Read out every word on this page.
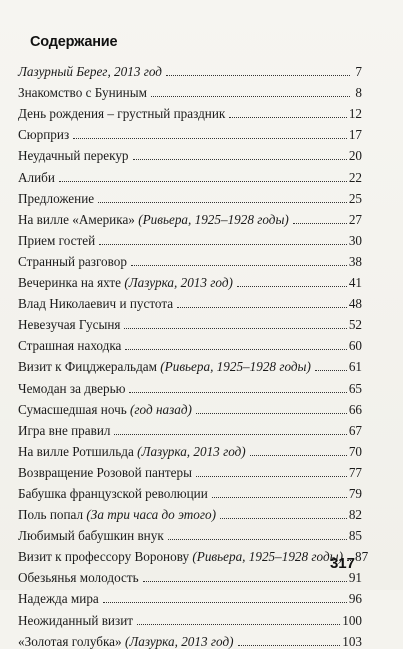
Содержание
Лазурный Берег, 2013 год	7
Знакомство с Буниным	8
День рождения – грустный праздник	12
Сюрприз	17
Неудачный перекур	20
Алиби	22
Предложение	25
На вилле «Америка» (Ривьера, 1925–1928 годы)	27
Прием гостей	30
Странный разговор	38
Вечеринка на яхте (Лазурка, 2013 год)	41
Влад Николаевич и пустота	48
Невезучая Гусыня	52
Страшная находка	60
Визит к Фицджеральдам (Ривьера, 1925–1928 годы)	61
Чемодан за дверью	65
Сумасшедшая ночь (год назад)	66
Игра вне правил	67
На вилле Ротшильда (Лазурка, 2013 год)	70
Возвращение Розовой пантеры	77
Бабушка французской революции	79
Поль попал (За три часа до этого)	82
Любимый бабушкин внук	85
Визит к профессору Воронову (Ривьера, 1925–1928 годы) 87
Обезьянья молодость	91
Надежда мира	96
Неожиданный визит	100
«Золотая голубка» (Лазурка, 2013 год)	103
317
